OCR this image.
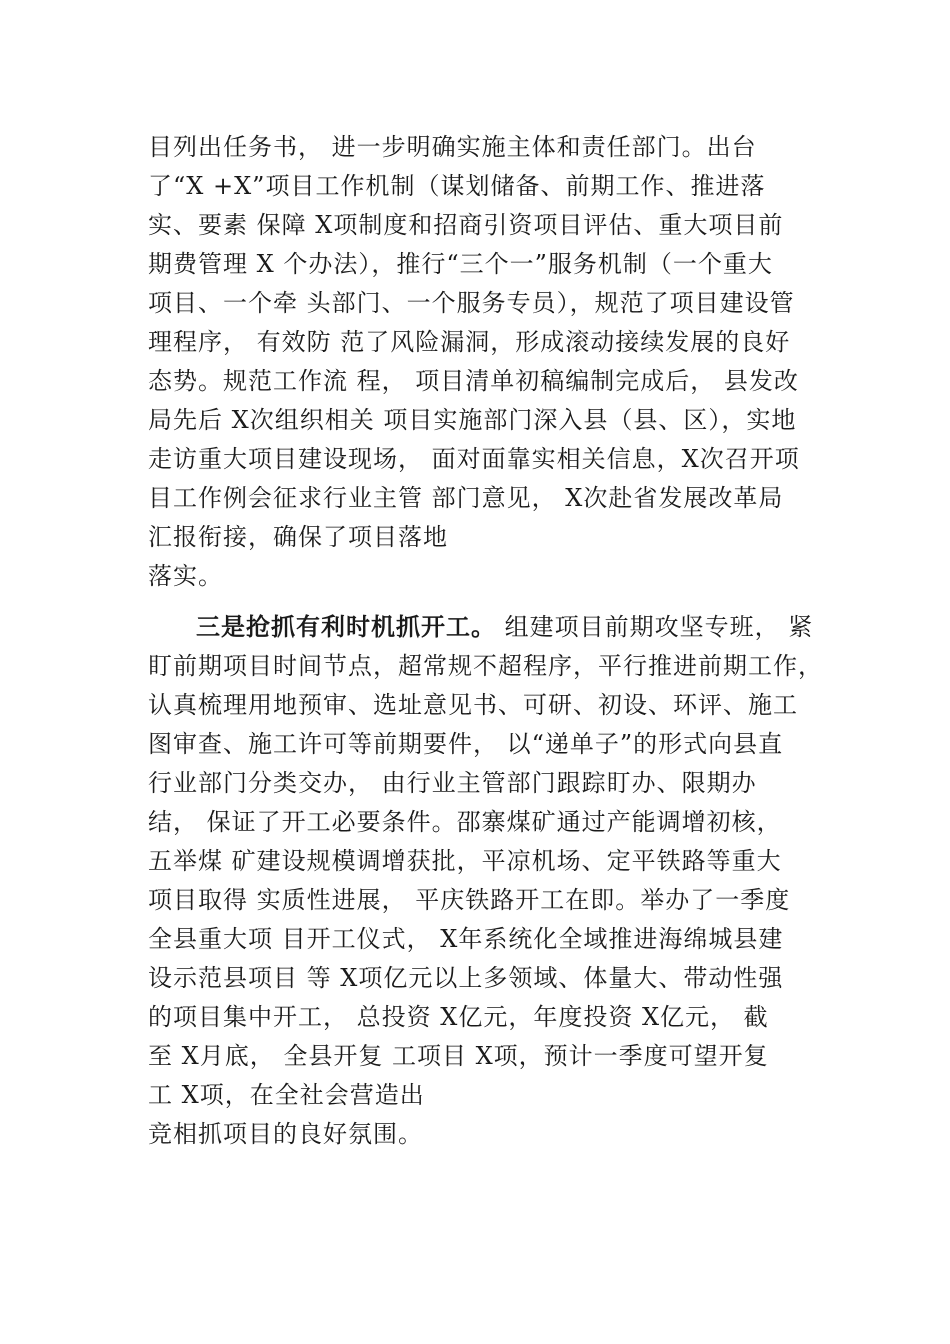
目列出任务书， 进一步明确实施主体和责任部门。出台
了“X +X”项目工作机制（谋划储备、前期工作、推进落
实、要素 保障 X项制度和招商引资项目评估、重大项目前
期费管理 X 个办法），推行“三个一”服务机制（一个重大
项目、一个牵 头部门、一个服务专员），规范了项目建设管
理程序， 有效防 范了风险漏洞，形成滚动接续发展的良好
态势。规范工作流 程， 项目清单初稿编制完成后， 县发改
局先后 X次组织相关 项目实施部门深入县（县、区），实地
走访重大项目建设现场， 面对面靠实相关信息，X次召开项
目工作例会征求行业主管 部门意见， X次赴省发展改革局
汇报衔接，确保了项目落地
落实。
三是抢抓有利时机抓开工。 组建项目前期攻坚专班， 紧
盯前期项目时间节点，超常规不超程序，平行推进前期工作，
认真梳理用地预审、选址意见书、可研、初设、环评、施工
图审查、施工许可等前期要件， 以“递单子”的形式向县直
行业部门分类交办， 由行业主管部门跟踪盯办、限期办
结， 保证了开工必要条件。邵寨煤矿通过产能调增初核，
五举煤 矿建设规模调增获批，平凉机场、定平铁路等重大
项目取得 实质性进展， 平庆铁路开工在即。举办了一季度
全县重大项 目开工仪式， X年系统化全域推进海绵城县建
设示范县项目 等 X项亿元以上多领域、体量大、带动性强
的项目集中开工， 总投资 X亿元，年度投资 X亿元， 截
至 X月底， 全县开复 工项目 X项，预计一季度可望开复
工 X项，在全社会营造出
竞相抓项目的良好氛围。
